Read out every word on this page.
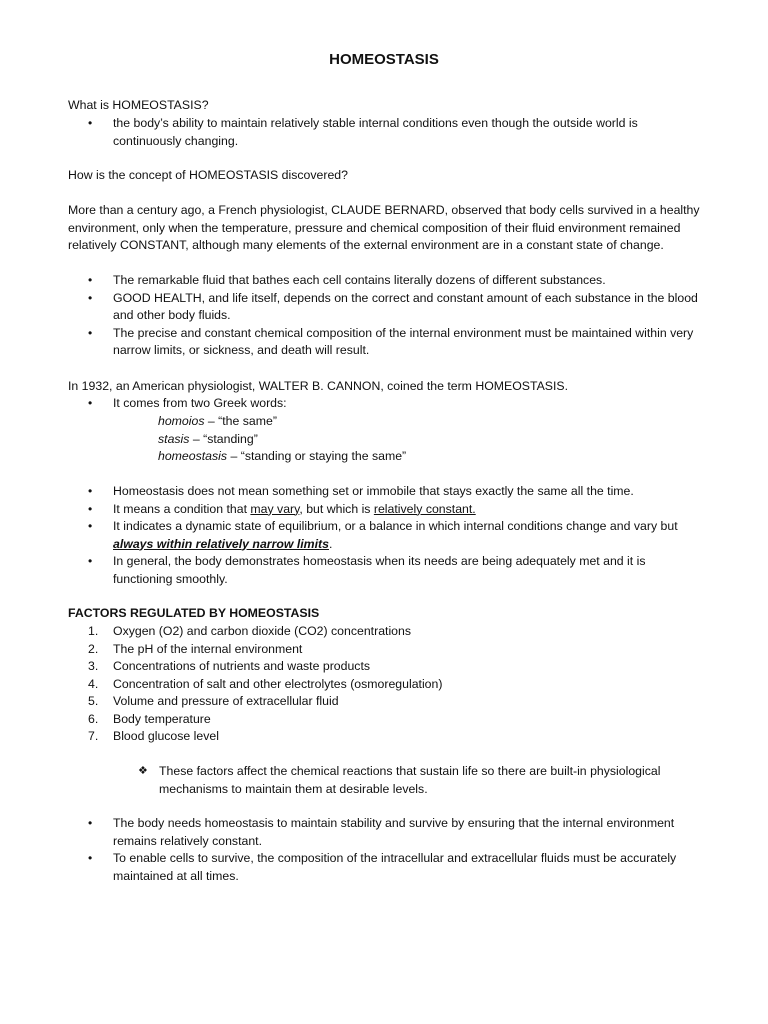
HOMEOSTASIS

What is HOMEOSTASIS?

• the body’s ability to maintain relatively stable internal conditions even though the outside world is continuously changing.

How is the concept of HOMEOSTASIS discovered?

More than a century ago, a French physiologist, CLAUDE BERNARD, observed that body cells survived in a healthy environment, only when the temperature, pressure and chemical composition of their fluid environment remained relatively CONSTANT, although many elements of the external environment are in a constant state of change.

• The remarkable fluid that bathes each cell contains literally dozens of different substances.
• GOOD HEALTH, and life itself, depends on the correct and constant amount of each substance in the blood and other body fluids.
• The precise and constant chemical composition of the internal environment must be maintained within very narrow limits, or sickness, and death will result.

In 1932, an American physiologist, WALTER B. CANNON, coined the term HOMEOSTASIS.

• It comes from two Greek words:
homoios – “the same”
stasis – “standing”
homeostasis – “standing or staying the same”
• Homeostasis does not mean something set or immobile that stays exactly the same all the time.
• It means a condition that may vary, but which is relatively constant.
• It indicates a dynamic state of equilibrium, or a balance in which internal conditions change and vary but always within relatively narrow limits.
• In general, the body demonstrates homeostasis when its needs are being adequately met and it is functioning smoothly.

FACTORS REGULATED BY HOMEOSTASIS

1. Oxygen (O2) and carbon dioxide (CO2) concentrations
2. The pH of the internal environment
3. Concentrations of nutrients and waste products
4. Concentration of salt and other electrolytes (osmoregulation)
5. Volume and pressure of extracellular fluid
6. Body temperature
7. Blood glucose level
❖ These factors affect the chemical reactions that sustain life so there are built-in physiological mechanisms to maintain them at desirable levels.
• The body needs homeostasis to maintain stability and survive by ensuring that the internal environment remains relatively constant.
• To enable cells to survive, the composition of the intracellular and extracellular fluids must be accurately maintained at all times.
